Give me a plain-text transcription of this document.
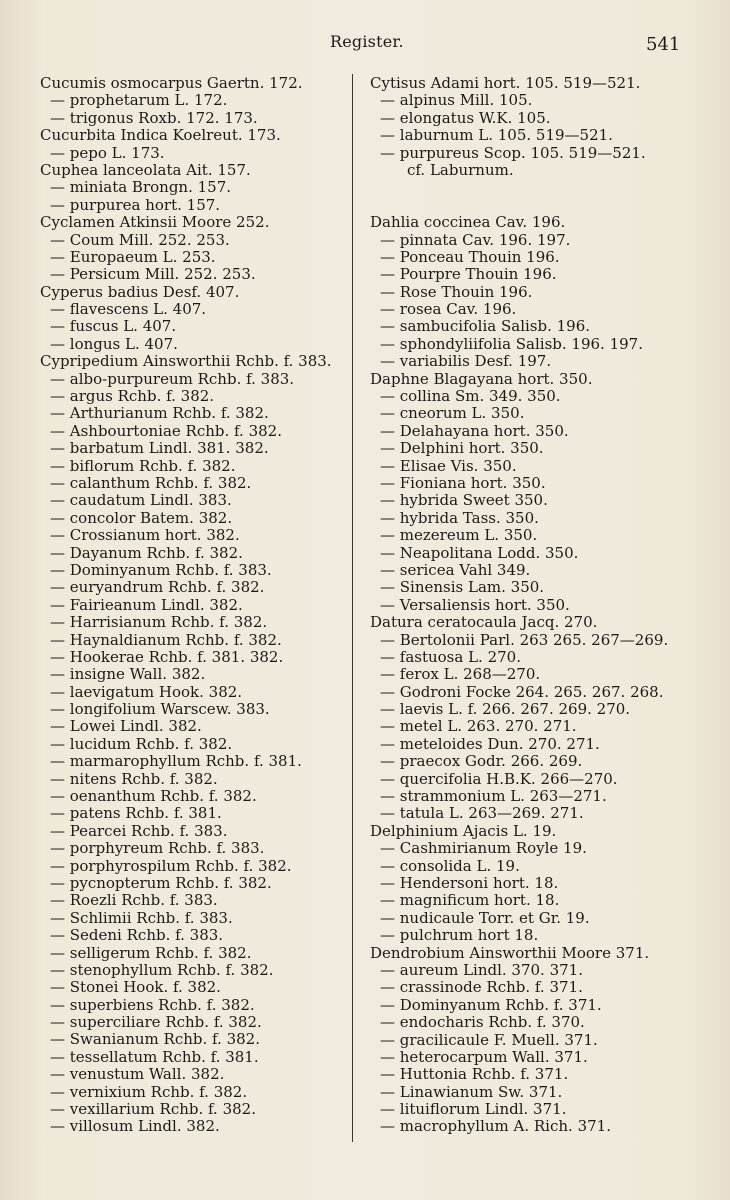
Register.	541
Cucumis osmocarpus Gaertn. 172.
— prophetarum L. 172.
— trigonus Roxb. 172. 173.
Cucurbita Indica Koelreut. 173.
— pepo L. 173.
Cuphea lanceolata Ait. 157.
— miniata Brongn. 157.
— purpurea hort. 157.
Cyclamen Atkinsii Moore 252.
— Coum Mill. 252. 253.
— Europaeum L. 253.
— Persicum Mill. 252. 253.
Cyperus badius Desf. 407.
— flavescens L. 407.
— fuscus L. 407.
— longus L. 407.
Cypripedium Ainsworthii Rchb. f. 383.
— albo-purpureum Rchb. f. 383.
— argus Rchb. f. 382.
— Arthurianum Rchb. f. 382.
— Ashbourtoniae Rchb. f. 382.
— barbatum Lindl. 381. 382.
— biflorum Rchb. f. 382.
— calanthum Rchb. f. 382.
— caudatum Lindl. 383.
— concolor Batem. 382.
— Crossianum hort. 382.
— Dayanum Rchb. f. 382.
— Dominyanum Rchb. f. 383.
— euryandrum Rchb. f. 382.
— Fairieanum Lindl. 382.
— Harrisianum Rchb. f. 382.
— Haynaldianum Rchb. f. 382.
— Hookerae Rchb. f. 381. 382.
— insigne Wall. 382.
— laevigatum Hook. 382.
— longifolium Warscew. 383.
— Lowei Lindl. 382.
— lucidum Rchb. f. 382.
— marmarophyllum Rchb. f. 381.
— nitens Rchb. f. 382.
— oenanthum Rchb. f. 382.
— patens Rchb. f. 381.
— Pearcei Rchb. f. 383.
— porphyreum Rchb. f. 383.
— porphyrospilum Rchb. f. 382.
— pycnopterum Rchb. f. 382.
— Roezli Rchb. f. 383.
— Schlimii Rchb. f. 383.
— Sedeni Rchb. f. 383.
— selligerum Rchb. f. 382.
— stenophyllum Rchb. f. 382.
— Stonei Hook. f. 382.
— superbiens Rchb. f. 382.
— superciliare Rchb. f. 382.
— Swanianum Rchb. f. 382.
— tessellatum Rchb. f. 381.
— venustum Wall. 382.
— vernixium Rchb. f. 382.
— vexillarium Rchb. f. 382.
— villosum Lindl. 382.
Cytisus Adami hort. 105. 519—521.
— alpinus Mill. 105.
— elongatus W.K. 105.
— laburnum L. 105. 519—521.
— purpureus Scop. 105. 519—521.
cf. Laburnum.
Dahlia coccinea Cav. 196.
— pinnata Cav. 196. 197.
— Ponceau Thouin 196.
— Pourpre Thouin 196.
— Rose Thouin 196.
— rosea Cav. 196.
— sambucifolia Salisb. 196.
— sphondyliifolia Salisb. 196. 197.
— variabilis Desf. 197.
Daphne Blagayana hort. 350.
— collina Sm. 349. 350.
— cneorum L. 350.
— Delahayana hort. 350.
— Delphini hort. 350.
— Elisae Vis. 350.
— Fioniana hort. 350.
— hybrida Sweet 350.
— hybrida Tass. 350.
— mezereum L. 350.
— Neapolitana Lodd. 350.
— sericea Vahl 349.
— Sinensis Lam. 350.
— Versaliensis hort. 350.
Datura ceratocaula Jacq. 270.
— Bertolonii Parl. 263 265. 267—269.
— fastuosa L. 270.
— ferox L. 268—270.
— Godroni Focke 264. 265. 267. 268.
— laevis L. f. 266. 267. 269. 270.
— metel L. 263. 270. 271.
— meteloides Dun. 270. 271.
— praecox Godr. 266. 269.
— quercifolia H.B.K. 266—270.
— strammonium L. 263—271.
— tatula L. 263—269. 271.
Delphinium Ajacis L. 19.
— Cashmirianum Royle 19.
— consolida L. 19.
— Hendersoni hort. 18.
— magnificum hort. 18.
— nudicaule Torr. et Gr. 19.
— pulchrum hort 18.
Dendrobium Ainsworthii Moore 371.
— aureum Lindl. 370. 371.
— crassinode Rchb. f. 371.
— Dominyanum Rchb. f. 371.
— endocharis Rchb. f. 370.
— gracilicaule F. Muell. 371.
— heterocarpum Wall. 371.
— Huttonia Rchb. f. 371.
— Linawianum Sw. 371.
— lituiflorum Lindl. 371.
— macrophyllum A. Rich. 371.
